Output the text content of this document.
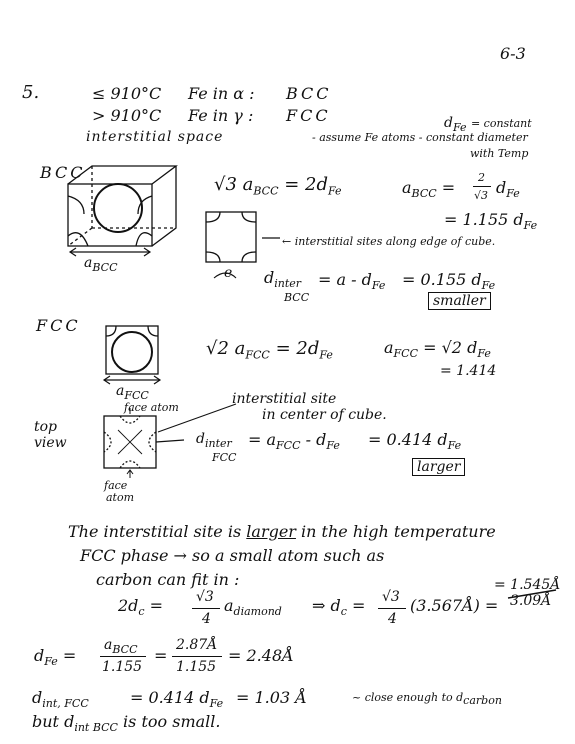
6-3
5.	≤ 910°C Fe in α : BCC
> 910°C Fe in γ : FCC	$d_{Fe}$ = constant
interstitial space	- assume Fe atoms - constant diameter
with Temp
BCC
√3 $a_{BCC} = 2d_{Fe}$	$a_{BCC}$ =
2
√3 $d_{Fe}$
= 1.155 $d_{Fe}$
← interstitial sites along edge of cube.
$a_{BCC}$	e $d_{inter}$
BCC
= $a - d_{Fe} = 0.155$ $d_{Fe}$
smaller
FCC
√2 $a_{FCC} = 2d_{Fe}$	$a_{FCC} = √2$ $d_{Fe}$
= 1.414
$a_{FCC}$
face atom
interstitial site
in center of cube.
top
view	$d_{inter}$
FCC
= $a_{FCC} - d_{Fe} = 0.414$ $d_{Fe}$
larger
face
atom
The interstitial site is larger in the high temperature
FCC phase → so a small atom such as
carbon can fit in :	= 1.545Å
$2d_c = √3$
4
$a_{diamond}$ ⇒ $d_c = √3$
4
(3.567Å) = 3.09Å
$d_{Fe}$ =
$a_{BCC}$
1.155
=
2.87Å
1.155
= 2.48Å
$d_{int, FCC}$	= 0.414 $d_{Fe} = 1.03$ Å	~ close enough to $d_{carbon}$
but $d_{int BCC}$ is too small.
